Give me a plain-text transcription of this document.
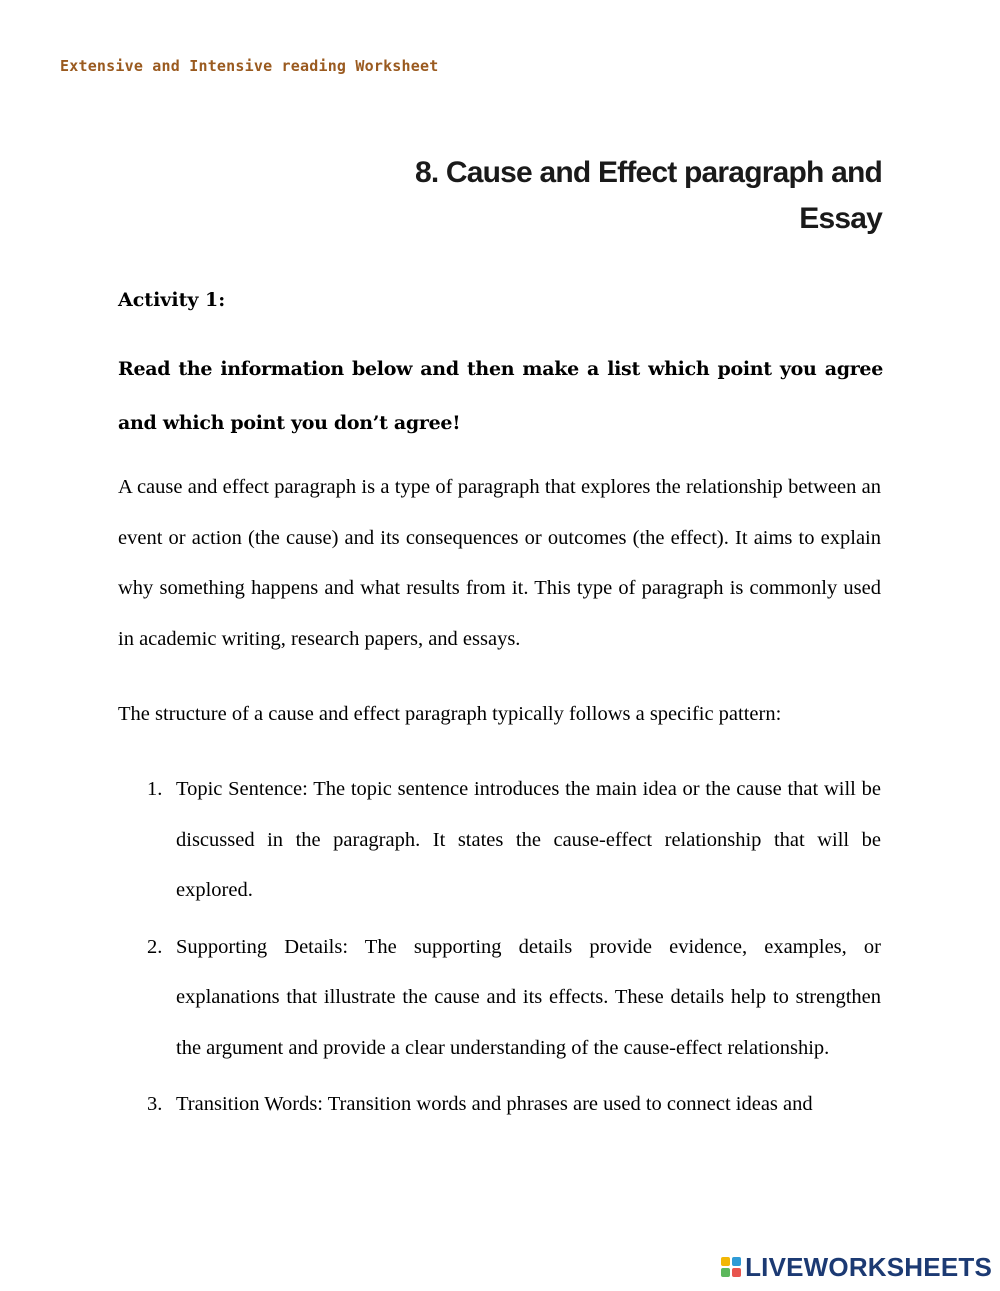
Extensive and Intensive reading Worksheet
8. Cause and Effect paragraph and
Essay
Activity 1:
Read the information below and then make a list which point you agree and which point you don’t agree!
A cause and effect paragraph is a type of paragraph that explores the relationship between an event or action (the cause) and its consequences or outcomes (the effect). It aims to explain why something happens and what results from it. This type of paragraph is commonly used in academic writing, research papers, and essays.
The structure of a cause and effect paragraph typically follows a specific pattern:
1. Topic Sentence: The topic sentence introduces the main idea or the cause that will be discussed in the paragraph. It states the cause-effect relationship that will be explored.
2. Supporting Details: The supporting details provide evidence, examples, or explanations that illustrate the cause and its effects. These details help to strengthen the argument and provide a clear understanding of the cause-effect relationship.
3. Transition Words: Transition words and phrases are used to connect ideas and
LIVEWORKSHEETS
